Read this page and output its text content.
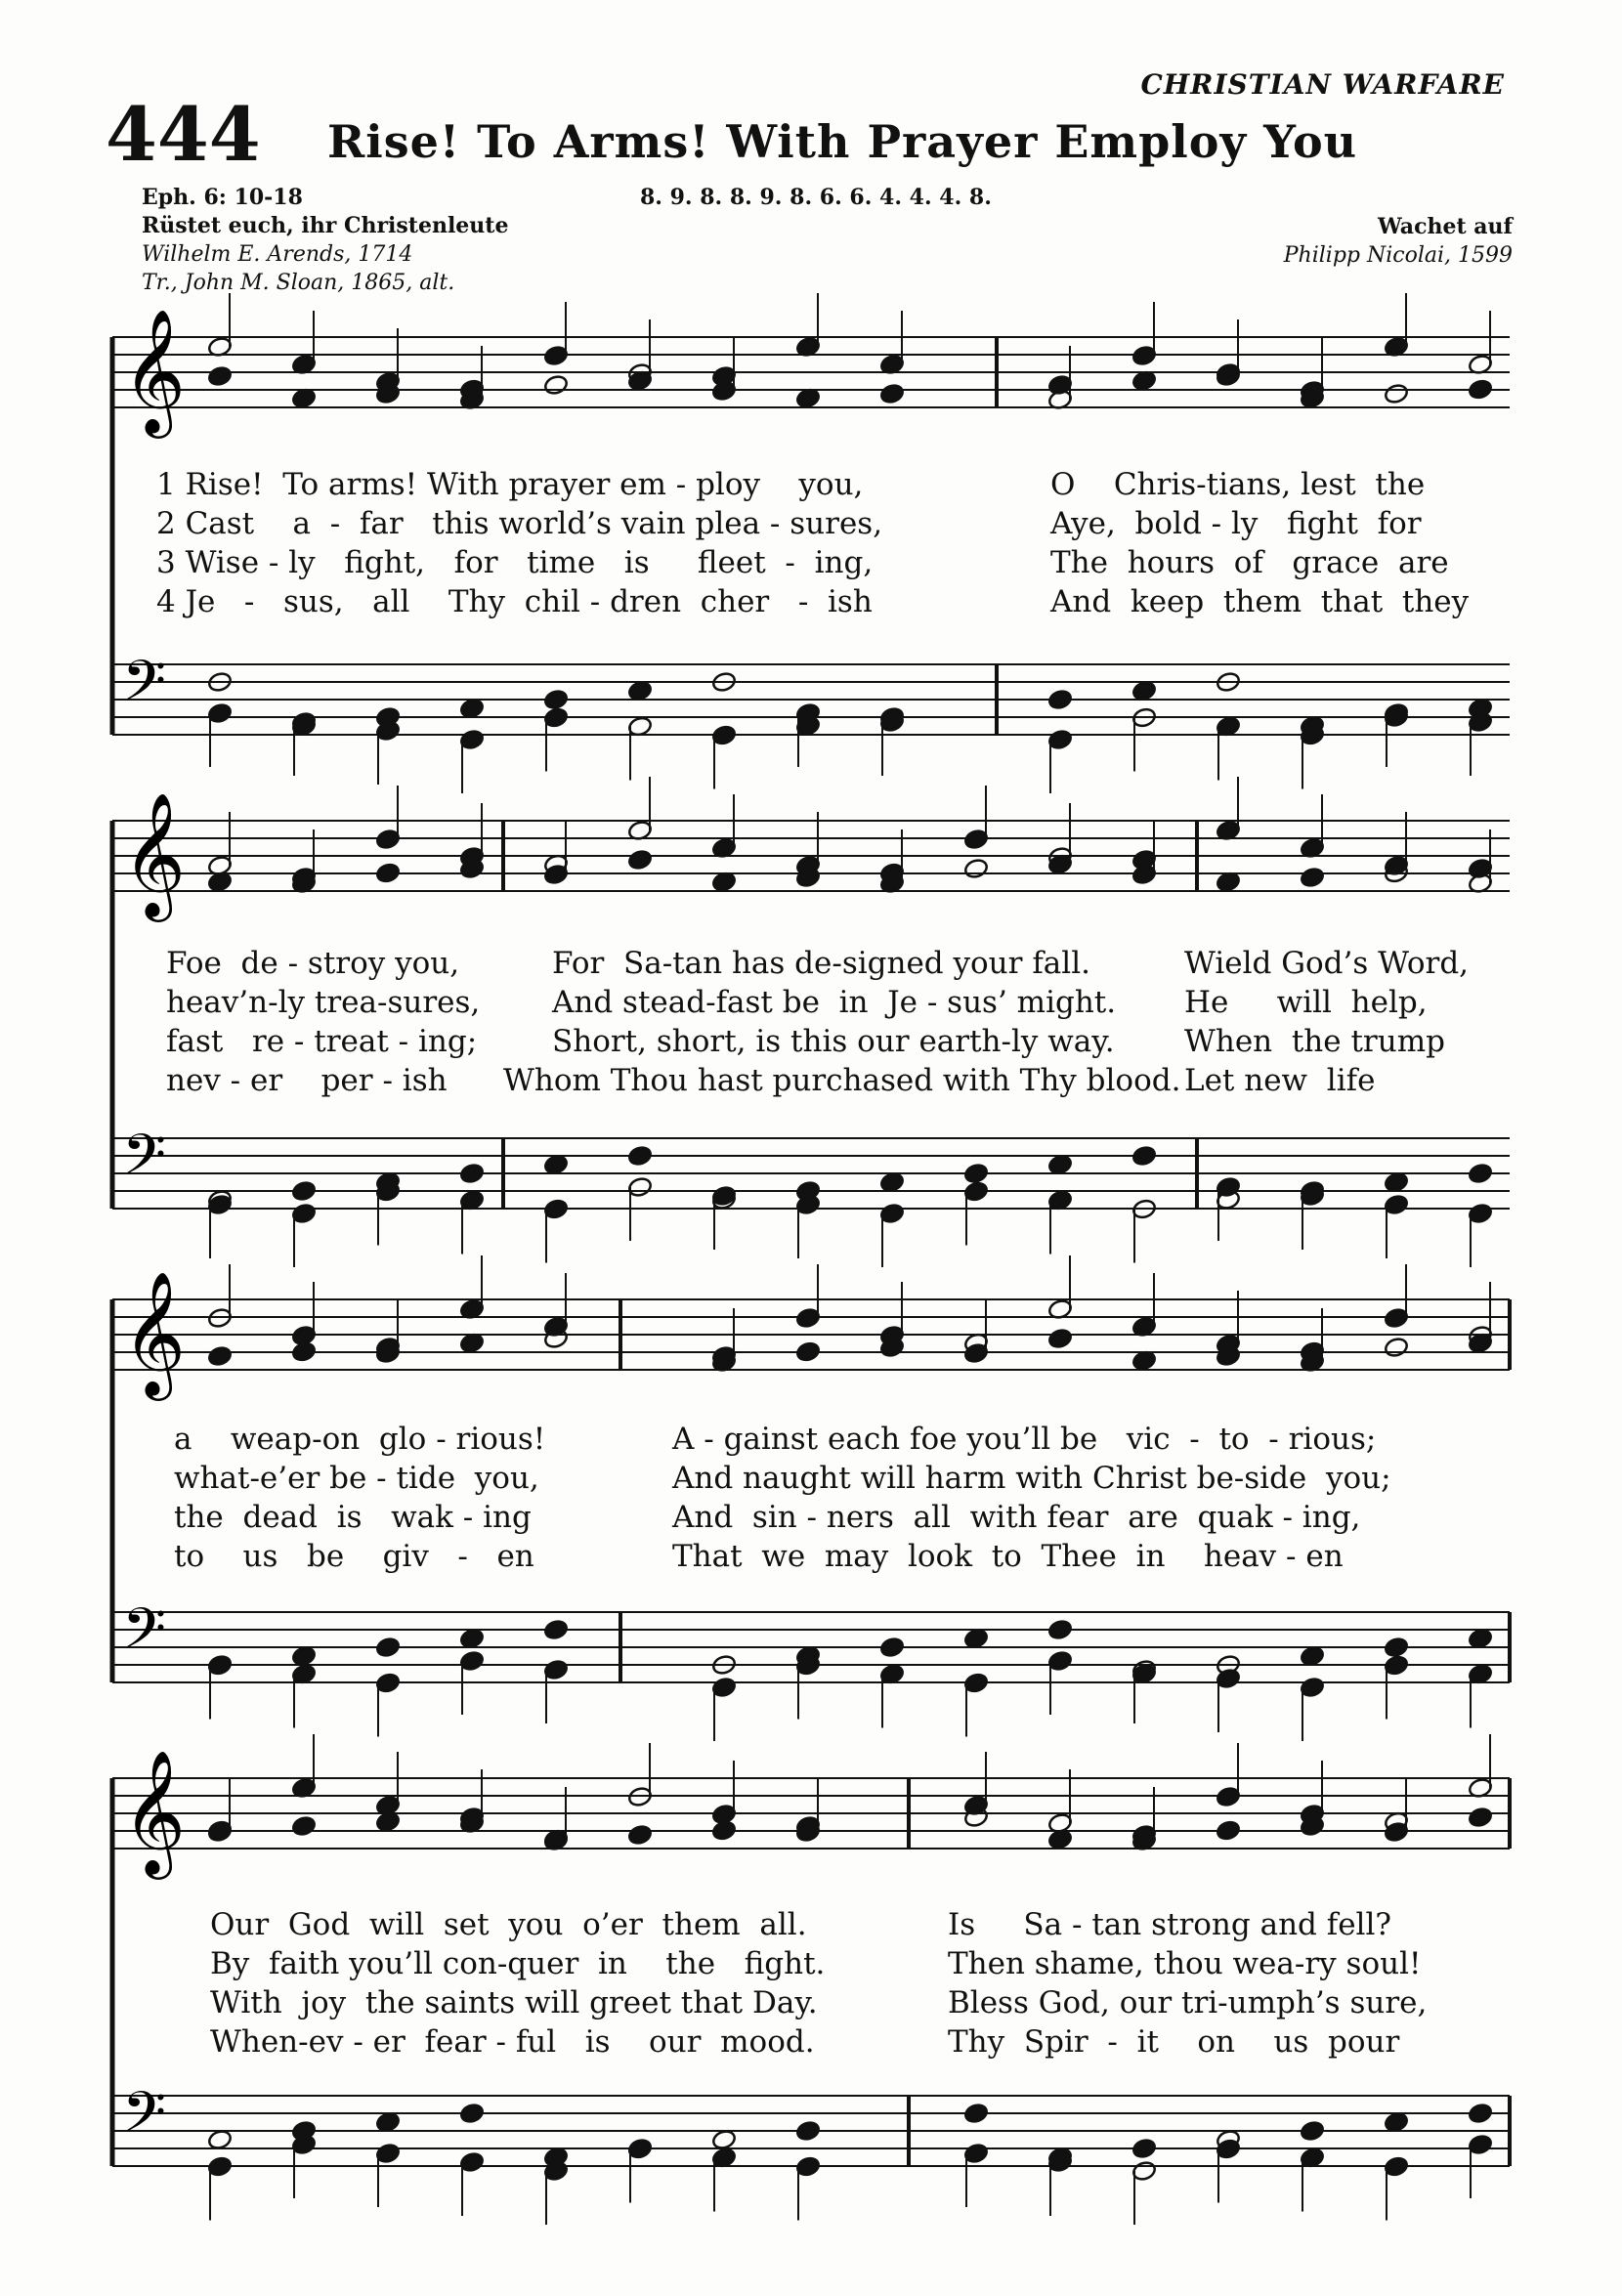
CHRISTIAN WARFARE
444 Rise! To Arms! With Prayer Employ You
Eph. 6: 10-18
Rüstet euch, ihr Christenleute
Wilhelm E. Arends, 1714
Tr., John M. Sloan, 1865, alt.
8. 9. 8. 8. 9. 8. 6. 6. 4. 4. 4. 8.
Wachet auf
Philipp Nicolai, 1599
𝄞
𝄢
𝄞
𝄢
𝄞
𝄢
𝄞
𝄢
1 Rise!  To arms! With prayer em - ploy    you,	O    Chris-tians, lest  the
2 Cast    a  -  far   this world’s vain plea - sures,	Aye,  bold - ly   fight  for
3 Wise - ly   fight,   for   time   is     fleet  -  ing,	The  hours  of   grace  are
4 Je   -   sus,   all    Thy  chil - dren  cher   -  ish	And  keep  them  that  they
Foe  de - stroy you,	For  Sa-tan has de-signed your fall.	Wield God’s Word,
heav’n-ly trea-sures, And stead-fast be  in  Je - sus’ might. He     will  help,
fast   re - treat - ing; Short, short, is this our earth-ly way. When  the trump
nev - er    per - ish Whom Thou hast purchased with Thy blood. Let new  life
a    weap-on  glo - rious!	A - gainst each foe you’ll be   vic  -  to  - rious;
what-e’er be - tide  you,	And naught will harm with Christ be-side  you;
the  dead  is   wak - ing	And  sin - ners  all  with fear  are  quak - ing,
to    us   be    giv   -   en	That  we  may  look  to  Thee  in    heav - en
Our  God  will  set  you  o’er  them  all.	Is     Sa - tan strong and fell?
By  faith you’ll con-quer  in    the   fight.	Then shame, thou wea-ry soul!
With  joy  the saints will greet that Day.	Bless God, our tri-umph’s sure,
When-ev - er  fear - ful   is    our  mood.	Thy  Spir  -  it    on    us  pour
